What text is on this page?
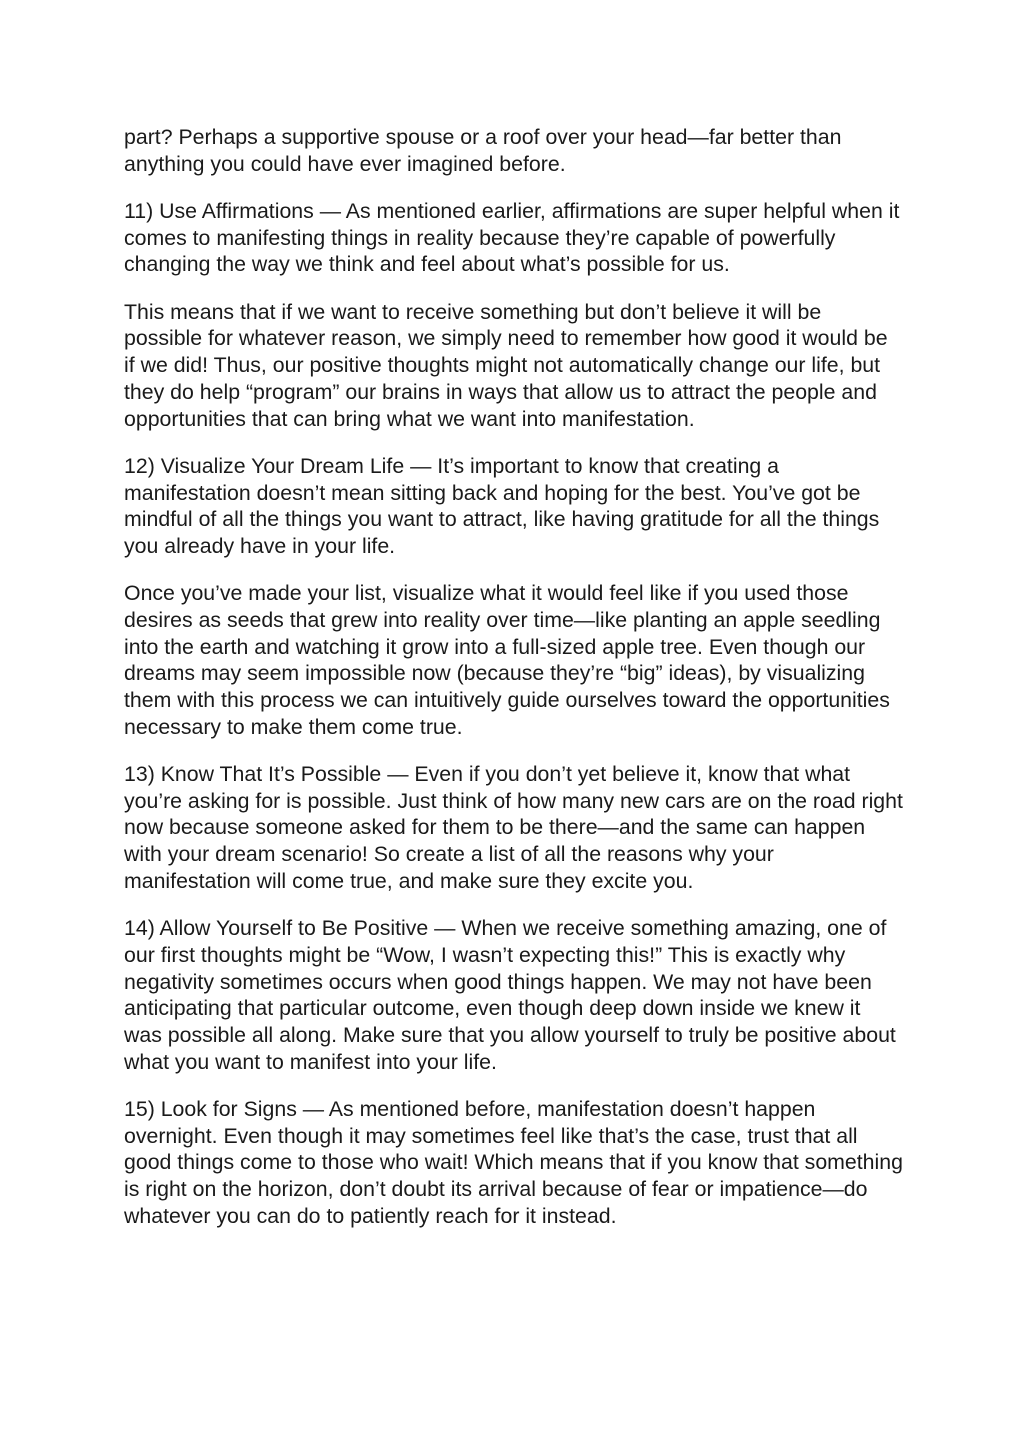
part? Perhaps a supportive spouse or a roof over your head—far better than anything you could have ever imagined before.

11) Use Affirmations — As mentioned earlier, affirmations are super helpful when it comes to manifesting things in reality because they’re capable of powerfully changing the way we think and feel about what’s possible for us.

This means that if we want to receive something but don’t believe it will be possible for whatever reason, we simply need to remember how good it would be if we did! Thus, our positive thoughts might not automatically change our life, but they do help “program” our brains in ways that allow us to attract the people and opportunities that can bring what we want into manifestation.

12) Visualize Your Dream Life — It’s important to know that creating a manifestation doesn’t mean sitting back and hoping for the best. You’ve got be mindful of all the things you want to attract, like having gratitude for all the things you already have in your life.

Once you’ve made your list, visualize what it would feel like if you used those desires as seeds that grew into reality over time—like planting an apple seedling into the earth and watching it grow into a full-sized apple tree. Even though our dreams may seem impossible now (because they’re “big” ideas), by visualizing them with this process we can intuitively guide ourselves toward the opportunities necessary to make them come true.

13) Know That It’s Possible — Even if you don’t yet believe it, know that what you’re asking for is possible. Just think of how many new cars are on the road right now because someone asked for them to be there—and the same can happen with your dream scenario! So create a list of all the reasons why your manifestation will come true, and make sure they excite you.

14) Allow Yourself to Be Positive — When we receive something amazing, one of our first thoughts might be “Wow, I wasn’t expecting this!” This is exactly why negativity sometimes occurs when good things happen. We may not have been anticipating that particular outcome, even though deep down inside we knew it was possible all along. Make sure that you allow yourself to truly be positive about what you want to manifest into your life.

15) Look for Signs — As mentioned before, manifestation doesn’t happen overnight. Even though it may sometimes feel like that’s the case, trust that all good things come to those who wait! Which means that if you know that something is right on the horizon, don’t doubt its arrival because of fear or impatience—do whatever you can do to patiently reach for it instead.
